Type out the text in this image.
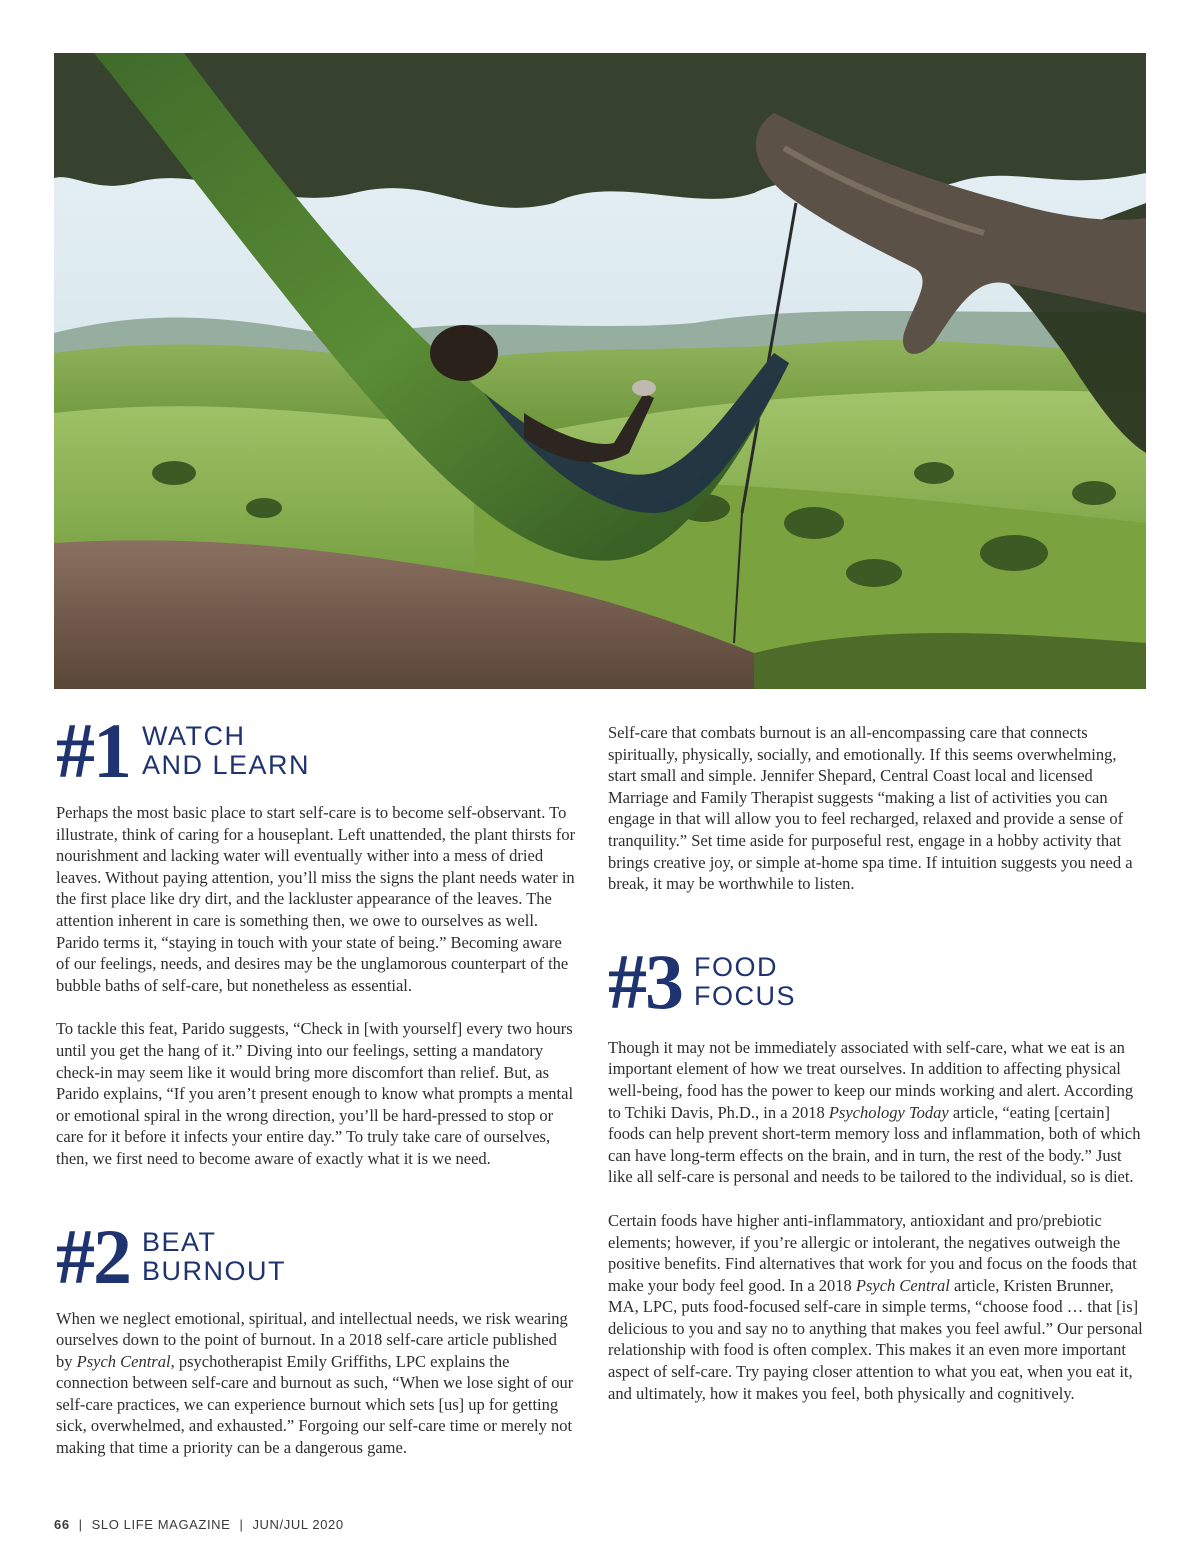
#1 WATCH
AND LEARN

Perhaps the most basic place to start self-care is to become self-observant. To illustrate, think of caring for a houseplant. Left unattended, the plant thirsts for nourishment and lacking water will eventually wither into a mess of dried leaves. Without paying attention, you’ll miss the signs the plant needs water in the first place like dry dirt, and the lackluster appearance of the leaves. The attention inherent in care is something then, we owe to ourselves as well. Parido terms it, “staying in touch with your state of being.” Becoming aware of our feelings, needs, and desires may be the unglamorous counterpart of the bubble baths of self-care, but nonetheless as essential.

To tackle this feat, Parido suggests, “Check in [with yourself] every two hours until you get the hang of it.” Diving into our feelings, setting a mandatory check-in may seem like it would bring more discomfort than relief. But, as Parido explains, “If you aren’t present enough to know what prompts a mental or emotional spiral in the wrong direction, you’ll be hard-pressed to stop or care for it before it infects your entire day.” To truly take care of ourselves, then, we first need to become aware of exactly what it is we need.

#2 BEAT
BURNOUT

When we neglect emotional, spiritual, and intellectual needs, we risk wearing ourselves down to the point of burnout. In a 2018 self-care article published by Psych Central, psychotherapist Emily Griffiths, LPC explains the connection between self-care and burnout as such, “When we lose sight of our self-care practices, we can experience burnout which sets [us] up for getting sick, overwhelmed, and exhausted.” Forgoing our self-care time or merely not making that time a priority can be a dangerous game.

Self-care that combats burnout is an all-encompassing care that connects spiritually, physically, socially, and emotionally. If this seems overwhelming, start small and simple. Jennifer Shepard, Central Coast local and licensed Marriage and Family Therapist suggests “making a list of activities you can engage in that will allow you to feel recharged, relaxed and provide a sense of tranquility.” Set time aside for purposeful rest, engage in a hobby activity that brings creative joy, or simple at-home spa time. If intuition suggests you need a break, it may be worthwhile to listen.

#3 FOOD
FOCUS

Though it may not be immediately associated with self-care, what we eat is an important element of how we treat ourselves. In addition to affecting physical well-being, food has the power to keep our minds working and alert. According to Tchiki Davis, Ph.D., in a 2018 Psychology Today article, “eating [certain] foods can help prevent short-term memory loss and inflammation, both of which can have long-term effects on the brain, and in turn, the rest of the body.” Just like all self-care is personal and needs to be tailored to the individual, so is diet.

Certain foods have higher anti-inflammatory, antioxidant and pro/prebiotic elements; however, if you’re allergic or intolerant, the negatives outweigh the positive benefits. Find alternatives that work for you and focus on the foods that make your body feel good. In a 2018 Psych Central article, Kristen Brunner, MA, LPC, puts food-focused self-care in simple terms, “choose food … that [is] delicious to you and say no to anything that makes you feel awful.” Our personal relationship with food is often complex. This makes it an even more important aspect of self-care. Try paying closer attention to what you eat, when you eat it, and ultimately, how it makes you feel, both physically and cognitively.

66 | SLO LIFE MAGAZINE | JUN/JUL 2020
